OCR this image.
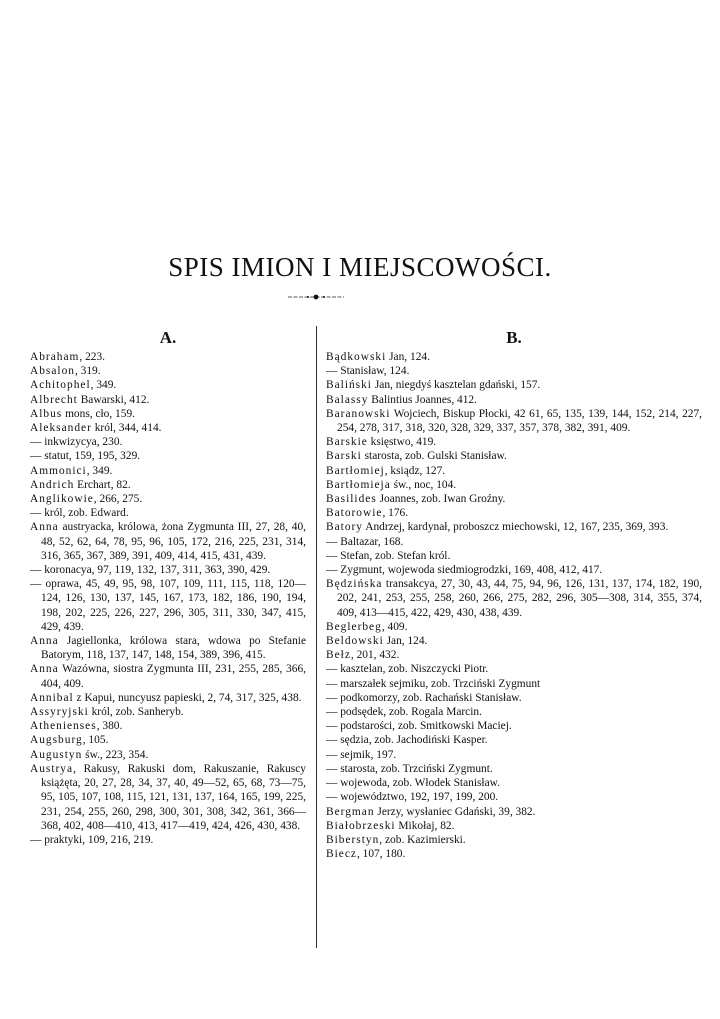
SPIS IMION I MIEJSCOWOŚCI.
A.
Abraham, 223.
Absalon, 319.
Achitophel, 349.
Albrecht Bawarski, 412.
Albus mons, cło, 159.
Aleksander król, 344, 414.
— inkwizycya, 230.
— statut, 159, 195, 329.
Ammonici, 349.
Andrich Erchart, 82.
Anglikowie, 266, 275.
— król, zob. Edward.
Anna austryacka, królowa, żona Zygmunta III, 27, 28, 40, 48, 52, 62, 64, 78, 95, 96, 105, 172, 216, 225, 231, 314, 316, 365, 367, 389, 391, 409, 414, 415, 431, 439.
— koronacya, 97, 119, 132, 137, 311, 363, 390, 429.
— oprawa, 45, 49, 95, 98, 107, 109, 111, 115, 118, 120—124, 126, 130, 137, 145, 167, 173, 182, 186, 190, 194, 198, 202, 225, 226, 227, 296, 305, 311, 330, 347, 415, 429, 439.
Anna Jagiellonka, królowa stara, wdowa po Stefanie Batorym, 118, 137, 147, 148, 154, 389, 396, 415.
Anna Wazówna, siostra Zygmunta III, 231, 255, 285, 366, 404, 409.
Annibal z Kapui, nuncyusz papieski, 2, 74, 317, 325, 438.
Assyryjski król, zob. Sanheryb.
Athenienses, 380.
Augsburg, 105.
Augustyn św., 223, 354.
Austrya, Rakusy, Rakuski dom, Rakuszanie, Rakuscy książęta, 20, 27, 28, 34, 37, 40, 49—52, 65, 68, 73—75, 95, 105, 107, 108, 115, 121, 131, 137, 164, 165, 199, 225, 231, 254, 255, 260, 298, 300, 301, 308, 342, 361, 366—368, 402, 408—410, 413, 417—419, 424, 426, 430, 438.
— praktyki, 109, 216, 219.
B.
Bądkowski Jan, 124.
— Stanisław, 124.
Baliński Jan, niegdyś kasztelan gdański, 157.
Balassy Balintius Joannes, 412.
Baranowski Wojciech, Biskup Płocki, 42 61, 65, 135, 139, 144, 152, 214, 227, 254, 278, 317, 318, 320, 328, 329, 337, 357, 378, 382, 391, 409.
Barskie księstwo, 419.
Barski starosta, zob. Gulski Stanisław.
Bartłomiej, ksiądz, 127.
Bartłomieja św., noc, 104.
Basilides Joannes, zob. Iwan Groźny.
Batorowie, 176.
Batory Andrzej, kardynał, proboszcz miechowski, 12, 167, 235, 369, 393.
— Baltazar, 168.
— Stefan, zob. Stefan król.
— Zygmunt, wojewoda siedmiogrodzki, 169, 408, 412, 417.
Będzińska transakcya, 27, 30, 43, 44, 75, 94, 96, 126, 131, 137, 174, 182, 190, 202, 241, 253, 255, 258, 260, 266, 275, 282, 296, 305—308, 314, 355, 374, 409, 413—415, 422, 429, 430, 438, 439.
Beglerbeg, 409.
Beldowski Jan, 124.
Bełz, 201, 432.
— kasztelan, zob. Niszczycki Piotr.
— marszałek sejmiku, zob. Trzciński Zygmunt
— podkomorzy, zob. Rachański Stanisław.
— podsędek, zob. Rogala Marcin.
— podstarości, zob. Smitkowski Maciej.
— sędzia, zob. Jachodiński Kasper.
— sejmik, 197.
— starosta, zob. Trzciński Zygmunt.
— wojewoda, zob. Włodek Stanisław.
— województwo, 192, 197, 199, 200.
Bergman Jerzy, wysłaniec Gdański, 39, 382.
Białobrzeski Mikołaj, 82.
Biberstyn, zob. Kazimierski.
Biecz, 107, 180.
